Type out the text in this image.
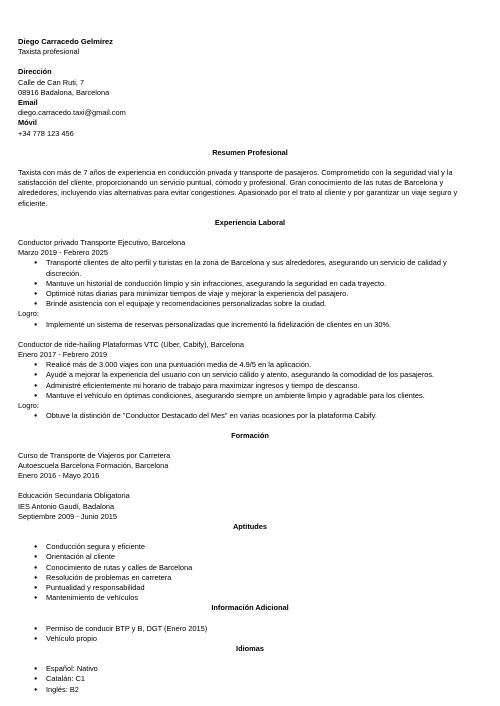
Diego Carracedo Gelmírez
Taxista profesional
Dirección
Calle de Can Ruti, 7
08916 Badalona, Barcelona
Email
diego.carracedo.taxi@gmail.com
Móvil
+34 778 123 456
Resumen Profesional

Taxista con más de 7 años de experiencia en conducción privada y transporte de pasajeros. Comprometido con la seguridad vial y la satisfacción del cliente, proporcionando un servicio puntual, cómodo y profesional. Gran conocimiento de las rutas de Barcelona y alrededores, incluyendo vías alternativas para evitar congestiones. Apasionado por el trato al cliente y por garantizar un viaje seguro y eficiente.

Experiencia Laboral
Conductor privado Transporte Ejecutivo, Barcelona
Marzo 2019 - Febrero 2025
● Transporté clientes de alto perfil y turistas en la zona de Barcelona y sus alrededores, asegurando un servicio de calidad y discreción.
● Mantuve un historial de conducción limpio y sin infracciones, asegurando la seguridad en cada trayecto.
● Optimicé rutas diarias para minimizar tiempos de viaje y mejorar la experiencia del pasajero.
● Brindé asistencia con el equipaje y recomendaciones personalizadas sobre la ciudad.
Logro:
● Implementé un sistema de reservas personalizadas que incrementó la fidelización de clientes en un 30%.
Conductor de ride-hailing Plataformas VTC (Uber, Cabify), Barcelona
Enero 2017 - Febrero 2019
● Realicé más de 3.000 viajes con una puntuación media de 4.9/5 en la aplicación.
● Ayudé a mejorar la experiencia del usuario con un servicio cálido y atento, asegurando la comodidad de los pasajeros.
● Administré eficientemente mi horario de trabajo para maximizar ingresos y tiempo de descanso.
● Mantuve el vehículo en óptimas condiciones, asegurando siempre un ambiente limpio y agradable para los clientes.
Logro:
● Obtuve la distinción de "Conductor Destacado del Mes" en varias ocasiones por la plataforma Cabify.
Formación
Curso de Transporte de Viajeros por Carretera
Autoescuela Barcelona Formación, Barcelona
Enero 2016 - Mayo 2016
Educación Secundaria Obligatoria
IES Antonio Gaudí, Badalona
Septiembre 2009 - Junio 2015
Aptitudes
● Conducción segura y eficiente
● Orientación al cliente
● Conocimiento de rutas y calles de Barcelona
● Resolución de problemas en carretera
● Puntualidad y responsabilidad
● Mantenimiento de vehículos
Información Adicional
● Permiso de conducir BTP y B, DGT (Enero 2015)
● Vehículo propio
Idiomas
● Español: Nativo
● Catalán: C1
● Inglés: B2
